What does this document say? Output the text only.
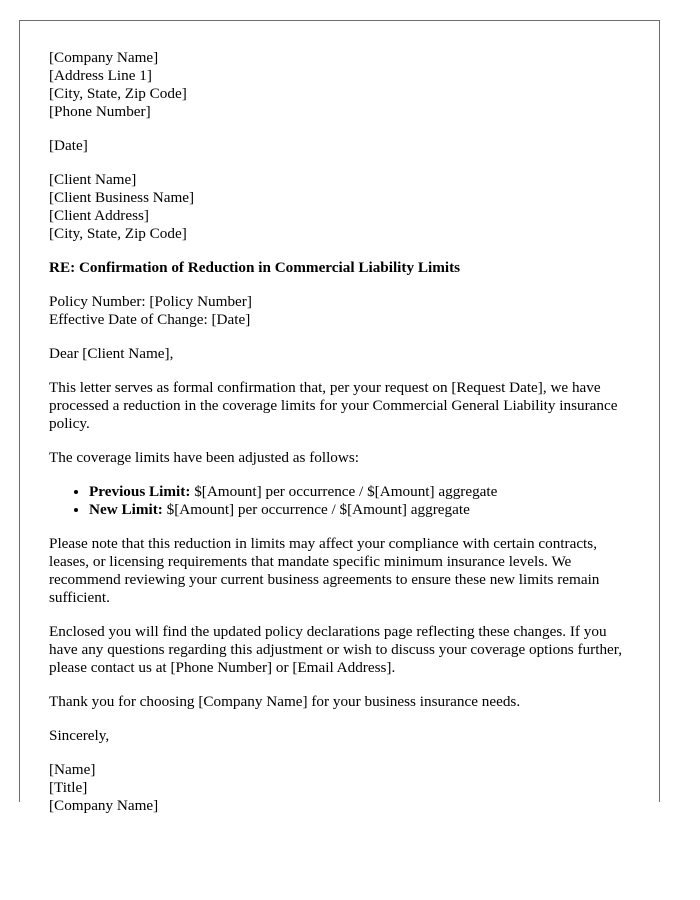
[Company Name]
[Address Line 1]
[City, State, Zip Code]
[Phone Number]
[Date]
[Client Name]
[Client Business Name]
[Client Address]
[City, State, Zip Code]
RE: Confirmation of Reduction in Commercial Liability Limits
Policy Number: [Policy Number]
Effective Date of Change: [Date]

Dear [Client Name],

This letter serves as formal confirmation that, per your request on [Request Date], we have processed a reduction in the coverage limits for your Commercial General Liability insurance policy.

The coverage limits have been adjusted as follows:

• Previous Limit: $[Amount] per occurrence / $[Amount] aggregate
• New Limit: $[Amount] per occurrence / $[Amount] aggregate

Please note that this reduction in limits may affect your compliance with certain contracts, leases, or licensing requirements that mandate specific minimum insurance levels. We recommend reviewing your current business agreements to ensure these new limits remain sufficient.

Enclosed you will find the updated policy declarations page reflecting these changes. If you have any questions regarding this adjustment or wish to discuss your coverage options further, please contact us at [Phone Number] or [Email Address].

Thank you for choosing [Company Name] for your business insurance needs.

Sincerely,

[Name]
[Title]
[Company Name]
